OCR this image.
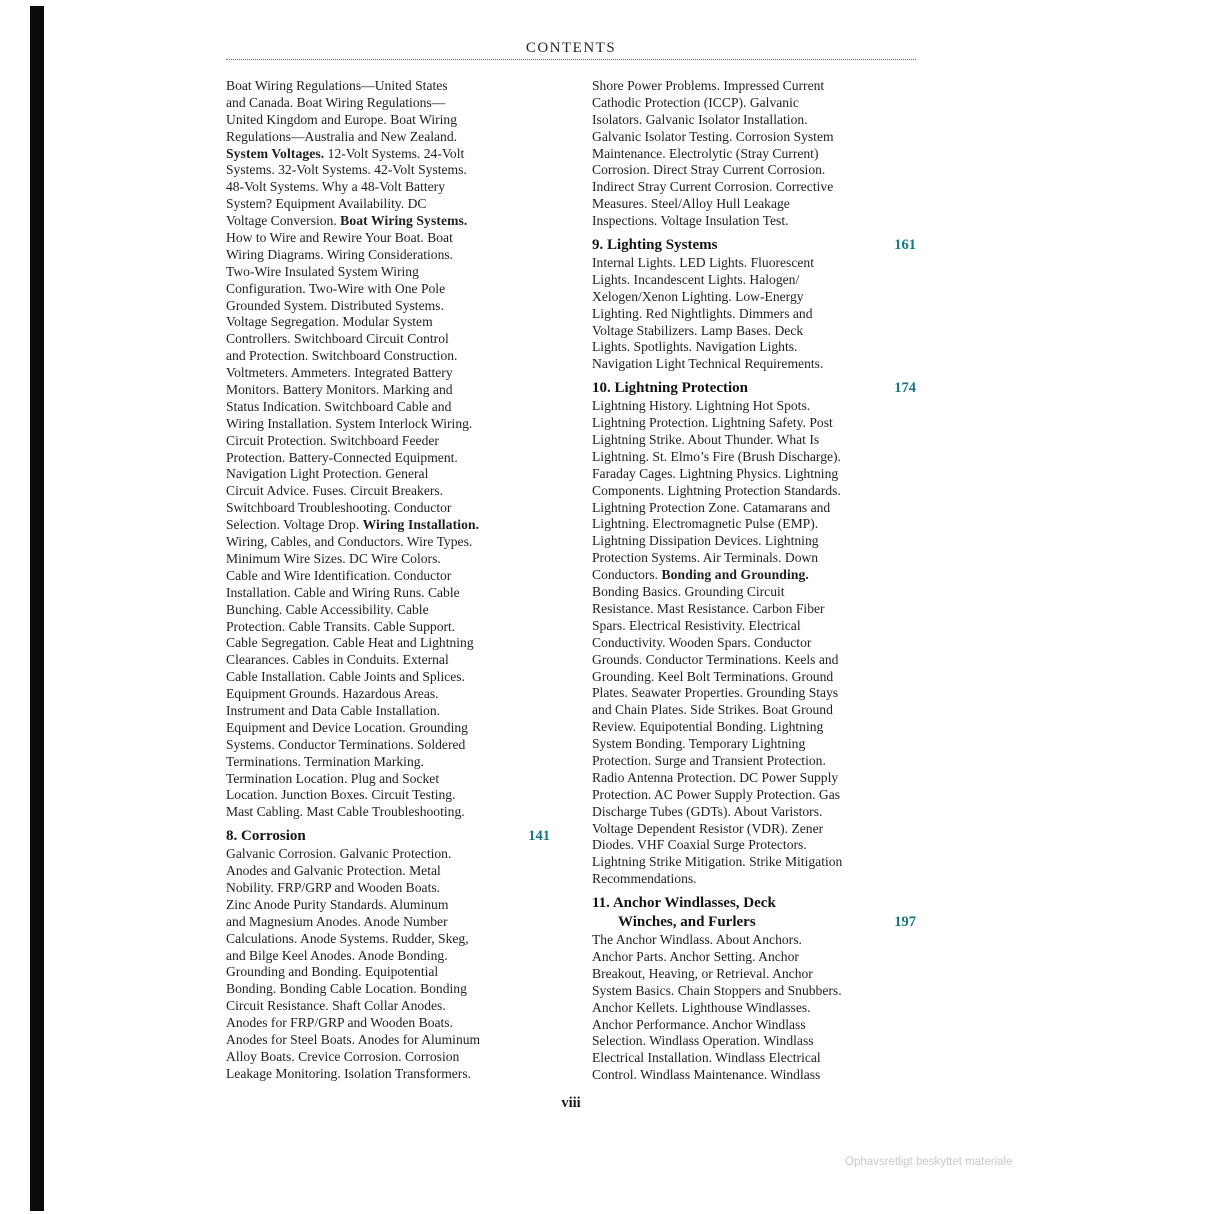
CONTENTS
Boat Wiring Regulations—United States
and Canada. Boat Wiring Regulations—
United Kingdom and Europe. Boat Wiring
Regulations—Australia and New Zealand.
System Voltages. 12-Volt Systems. 24-Volt
Systems. 32-Volt Systems. 42-Volt Systems.
48-Volt Systems. Why a 48-Volt Battery
System? Equipment Availability. DC
Voltage Conversion. Boat Wiring Systems.
How to Wire and Rewire Your Boat. Boat
Wiring Diagrams. Wiring Considerations.
Two-Wire Insulated System Wiring
Configuration. Two-Wire with One Pole
Grounded System. Distributed Systems.
Voltage Segregation. Modular System
Controllers. Switchboard Circuit Control
and Protection. Switchboard Construction.
Voltmeters. Ammeters. Integrated Battery
Monitors. Battery Monitors. Marking and
Status Indication. Switchboard Cable and
Wiring Installation. System Interlock Wiring.
Circuit Protection. Switchboard Feeder
Protection. Battery-Connected Equipment.
Navigation Light Protection. General
Circuit Advice. Fuses. Circuit Breakers.
Switchboard Troubleshooting. Conductor
Selection. Voltage Drop. Wiring Installation.
Wiring, Cables, and Conductors. Wire Types.
Minimum Wire Sizes. DC Wire Colors.
Cable and Wire Identification. Conductor
Installation. Cable and Wiring Runs. Cable
Bunching. Cable Accessibility. Cable
Protection. Cable Transits. Cable Support.
Cable Segregation. Cable Heat and Lightning
Clearances. Cables in Conduits. External
Cable Installation. Cable Joints and Splices.
Equipment Grounds. Hazardous Areas.
Instrument and Data Cable Installation.
Equipment and Device Location. Grounding
Systems. Conductor Terminations. Soldered
Terminations. Termination Marking.
Termination Location. Plug and Socket
Location. Junction Boxes. Circuit Testing.
Mast Cabling. Mast Cable Troubleshooting.
8. Corrosion	141
Galvanic Corrosion. Galvanic Protection.
Anodes and Galvanic Protection. Metal
Nobility. FRP/GRP and Wooden Boats.
Zinc Anode Purity Standards. Aluminum
and Magnesium Anodes. Anode Number
Calculations. Anode Systems. Rudder, Skeg,
and Bilge Keel Anodes. Anode Bonding.
Grounding and Bonding. Equipotential
Bonding. Bonding Cable Location. Bonding
Circuit Resistance. Shaft Collar Anodes.
Anodes for FRP/GRP and Wooden Boats.
Anodes for Steel Boats. Anodes for Aluminum
Alloy Boats. Crevice Corrosion. Corrosion
Leakage Monitoring. Isolation Transformers.
Shore Power Problems. Impressed Current
Cathodic Protection (ICCP). Galvanic
Isolators. Galvanic Isolator Installation.
Galvanic Isolator Testing. Corrosion System
Maintenance. Electrolytic (Stray Current)
Corrosion. Direct Stray Current Corrosion.
Indirect Stray Current Corrosion. Corrective
Measures. Steel/Alloy Hull Leakage
Inspections. Voltage Insulation Test.
9. Lighting Systems	161
Internal Lights. LED Lights. Fluorescent
Lights. Incandescent Lights. Halogen/
Xelogen/Xenon Lighting. Low-Energy
Lighting. Red Nightlights. Dimmers and
Voltage Stabilizers. Lamp Bases. Deck
Lights. Spotlights. Navigation Lights.
Navigation Light Technical Requirements.
10. Lightning Protection	174
Lightning History. Lightning Hot Spots.
Lightning Protection. Lightning Safety. Post
Lightning Strike. About Thunder. What Is
Lightning. St. Elmo’s Fire (Brush Discharge).
Faraday Cages. Lightning Physics. Lightning
Components. Lightning Protection Standards.
Lightning Protection Zone. Catamarans and
Lightning. Electromagnetic Pulse (EMP).
Lightning Dissipation Devices. Lightning
Protection Systems. Air Terminals. Down
Conductors. Bonding and Grounding.
Bonding Basics. Grounding Circuit
Resistance. Mast Resistance. Carbon Fiber
Spars. Electrical Resistivity. Electrical
Conductivity. Wooden Spars. Conductor
Grounds. Conductor Terminations. Keels and
Grounding. Keel Bolt Terminations. Ground
Plates. Seawater Properties. Grounding Stays
and Chain Plates. Side Strikes. Boat Ground
Review. Equipotential Bonding. Lightning
System Bonding. Temporary Lightning
Protection. Surge and Transient Protection.
Radio Antenna Protection. DC Power Supply
Protection. AC Power Supply Protection. Gas
Discharge Tubes (GDTs). About Varistors.
Voltage Dependent Resistor (VDR). Zener
Diodes. VHF Coaxial Surge Protectors.
Lightning Strike Mitigation. Strike Mitigation
Recommendations.
11. Anchor Windlasses, Deck
Winches, and Furlers	197
The Anchor Windlass. About Anchors.
Anchor Parts. Anchor Setting. Anchor
Breakout, Heaving, or Retrieval. Anchor
System Basics. Chain Stoppers and Snubbers.
Anchor Kellets. Lighthouse Windlasses.
Anchor Performance. Anchor Windlass
Selection. Windlass Operation. Windlass
Electrical Installation. Windlass Electrical
Control. Windlass Maintenance. Windlass
viii
Ophavsretligt beskyttet materiale
